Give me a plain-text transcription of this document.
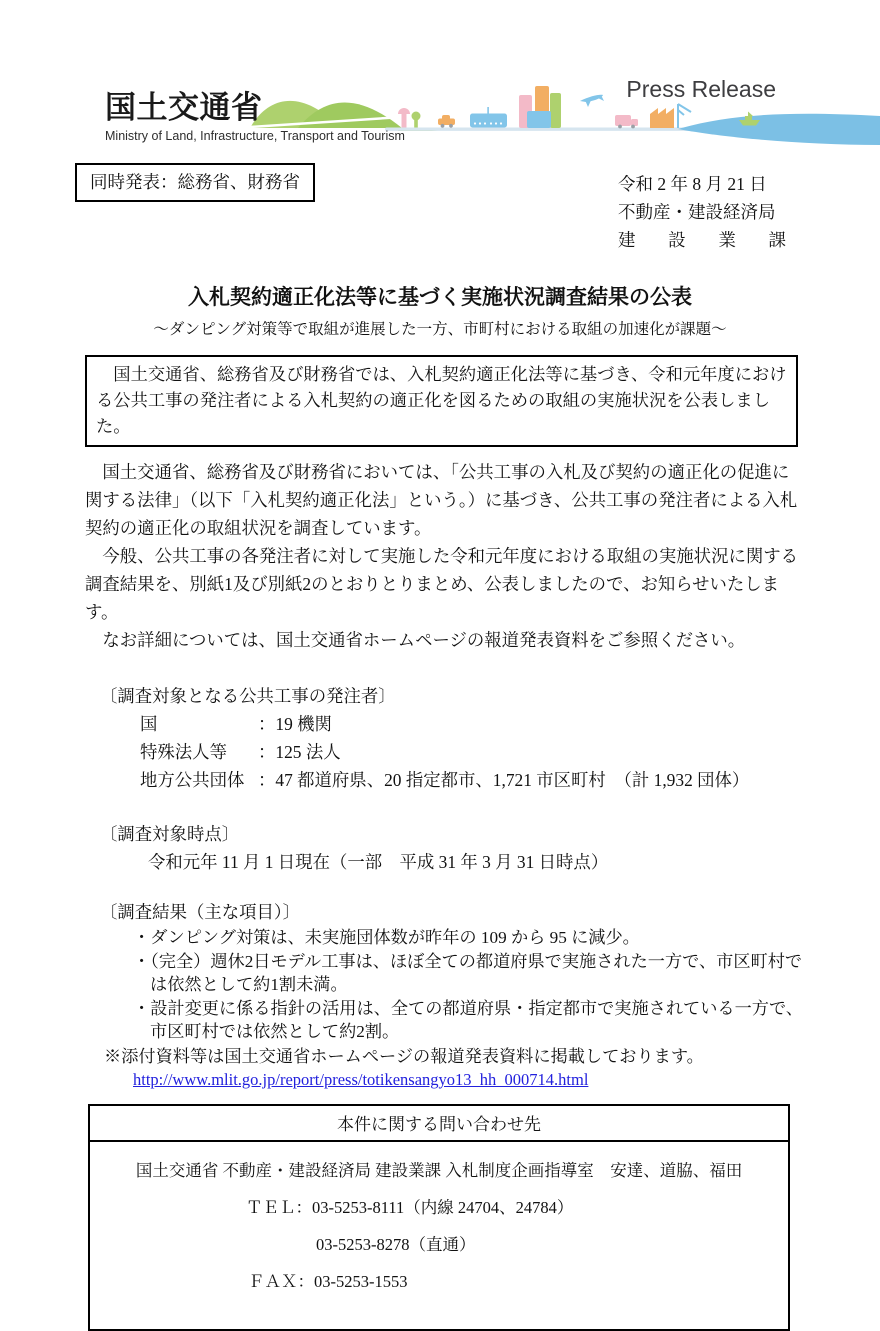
国土交通省
Ministry of Land, Infrastructure, Transport and Tourism
Press Release
同時発表：総務省、財務省	令和 2 年 8 月 21 日
不動産・建設経済局
建　設　業　課
入札契約適正化法等に基づく実施状況調査結果の公表
～ダンピング対策等で取組が進展した一方、市町村における取組の加速化が課題～
　国土交通省、総務省及び財務省では、入札契約適正化法等に基づき、令和元年度における公共工事の発注者による入札契約の適正化を図るための取組の実施状況を公表しました。

　国土交通省、総務省及び財務省においては、「公共工事の入札及び契約の適正化の促進に関する法律」（以下「入札契約適正化法」という。）に基づき、公共工事の発注者による入札契約の適正化の取組状況を調査しています。

　今般、公共工事の各発注者に対して実施した令和元年度における取組の実施状況に関する調査結果を、別紙1及び別紙2のとおりとりまとめ、公表しましたので、お知らせいたします。

　なお詳細については、国土交通省ホームページの報道発表資料をご参照ください。

〔調査対象となる公共工事の発注者〕
国	：19 機関
特殊法人等	：125 法人
地方公共団体 ：47 都道府県、20 指定都市、1,721 市区町村　（計 1,932 団体）
〔調査対象時点〕
令和元年 11 月 1 日現在（一部　平成 31 年 3 月 31 日時点）
〔調査結果（主な項目）〕
・ダンピング対策は、未実施団体数が昨年の 109 から 95 に減少。
・（完全）週休2日モデル工事は、ほぼ全ての都道府県で実施された一方で、市区町村では依然として約1割未満。
・設計変更に係る指針の活用は、全ての都道府県・指定都市で実施されている一方で、市区町村では依然として約2割。
※添付資料等は国土交通省ホームページの報道発表資料に掲載しております。
http://www.mlit.go.jp/report/press/totikensangyo13_hh_000714.html
本件に関する問い合わせ先
国土交通省 不動産・建設経済局 建設業課 入札制度企画指導室　安達、道脇、福田
ＴＥＬ：03-5253-8111（内線 24704、24784）
03-5253-8278（直通）
ＦＡＸ：03-5253-1553
